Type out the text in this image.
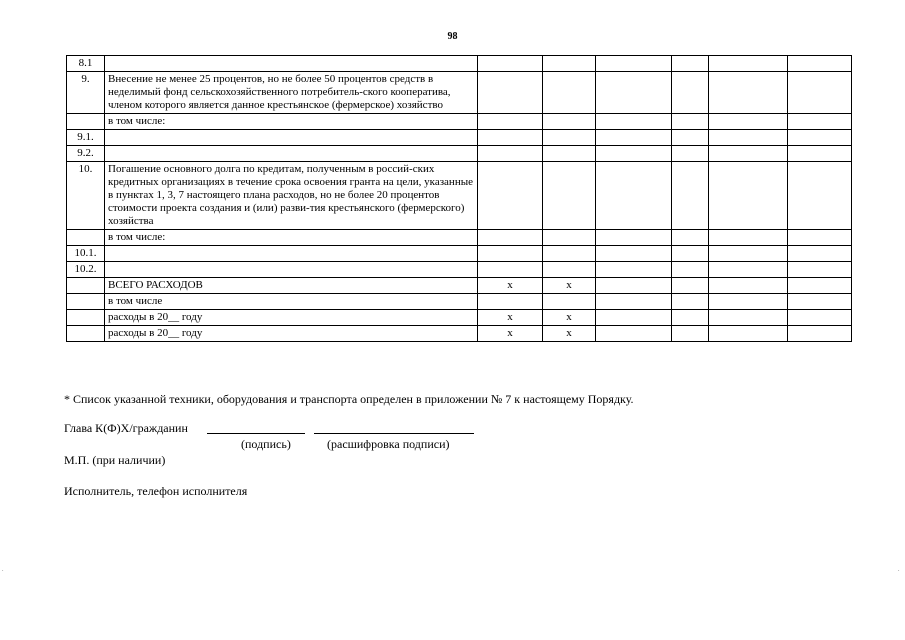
98
8.1							
9.	Внесение не менее 25 процентов, но не более 50 процентов средств в неделимый фонд сельскохозяйственного потребитель-ского кооператива, членом которого является данное крестьянское (фермерское) хозяйство						
	в том числе:						
9.1.							
9.2.							
10.	Погашение основного долга по кредитам, полученным в россий-ских кредитных организациях в течение срока освоения гранта на цели, указанные в пунктах 1, 3, 7 настоящего плана расходов, но не более 20 процентов стоимости проекта создания и (или) разви-тия крестьянского (фермерского) хозяйства						
	в том числе:						
10.1.							
10.2.							
	ВСЕГО РАСХОДОВ	x	x				
	в том числе						
	расходы в 20__ году	x	x				
	расходы в 20__ году	x	x				
* Список указанной техники, оборудования и транспорта определен в приложении № 7 к настоящему Порядку.
Глава К(Ф)Х/гражданин
(подпись)	(расшифровка подписи)
М.П. (при наличии)
Исполнитель, телефон исполнителя
.	.
